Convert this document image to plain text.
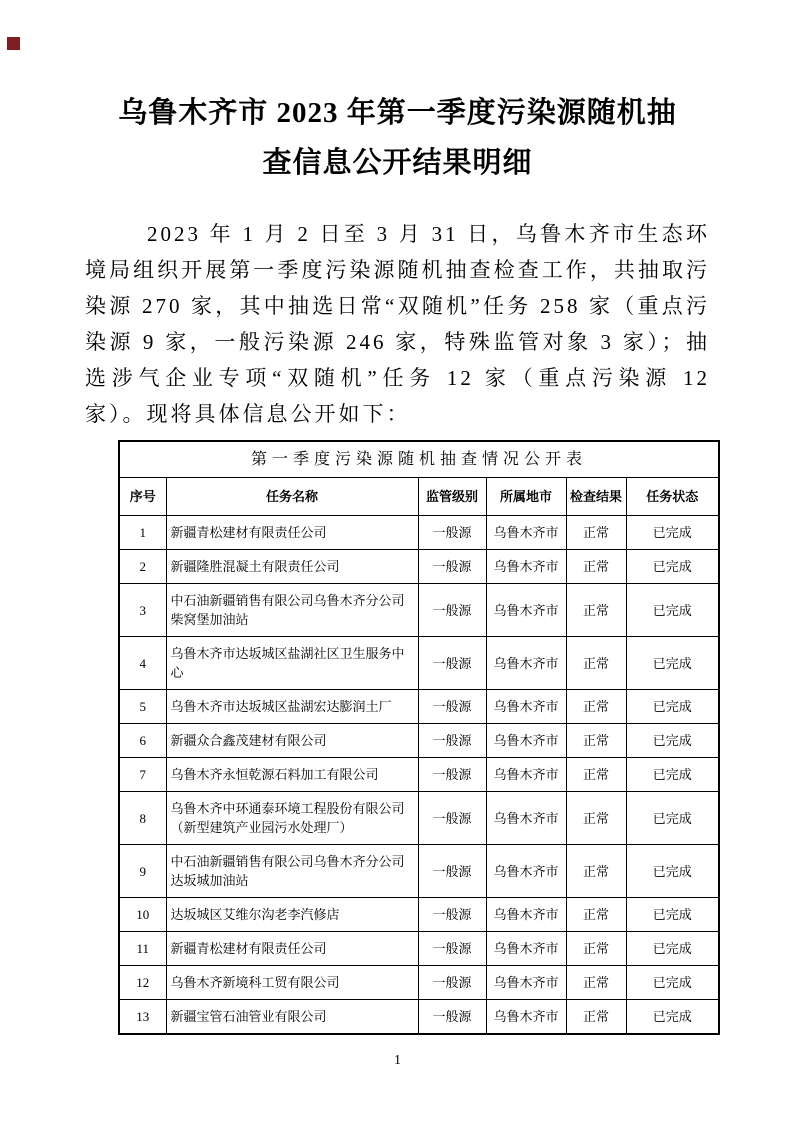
乌鲁木齐市 2023 年第一季度污染源随机抽
查信息公开结果明细

2023 年 1 月 2 日至 3 月 31 日，乌鲁木齐市生态环境局组织开展第一季度污染源随机抽查检查工作，共抽取污染源 270 家，其中抽选日常“双随机”任务 258 家（重点污染源 9 家，一般污染源 246 家，特殊监管对象 3 家）；抽选涉气企业专项“双随机”任务 12 家（重点污染源 12 家）。现将具体信息公开如下：

第一季度污染源随机抽查情况公开表					
序号	任务名称	监管级别	所属地市	检查结果	任务状态
1	新疆青松建材有限责任公司	一般源	乌鲁木齐市	正常	已完成
2	新疆隆胜混凝土有限责任公司	一般源	乌鲁木齐市	正常	已完成
3	中石油新疆销售有限公司乌鲁木齐分公司柴窝堡加油站	一般源	乌鲁木齐市	正常	已完成
4	乌鲁木齐市达坂城区盐湖社区卫生服务中心	一般源	乌鲁木齐市	正常	已完成
5	乌鲁木齐市达坂城区盐湖宏达膨润土厂	一般源	乌鲁木齐市	正常	已完成
6	新疆众合鑫茂建材有限公司	一般源	乌鲁木齐市	正常	已完成
7	乌鲁木齐永恒乾源石料加工有限公司	一般源	乌鲁木齐市	正常	已完成
8	乌鲁木齐中环通泰环境工程股份有限公司（新型建筑产业园污水处理厂）	一般源	乌鲁木齐市	正常	已完成
9	中石油新疆销售有限公司乌鲁木齐分公司达坂城加油站	一般源	乌鲁木齐市	正常	已完成
10	达坂城区艾维尔沟老李汽修店	一般源	乌鲁木齐市	正常	已完成
11	新疆青松建材有限责任公司	一般源	乌鲁木齐市	正常	已完成
12	乌鲁木齐新境科工贸有限公司	一般源	乌鲁木齐市	正常	已完成
13	新疆宝管石油管业有限公司	一般源	乌鲁木齐市	正常	已完成
1
